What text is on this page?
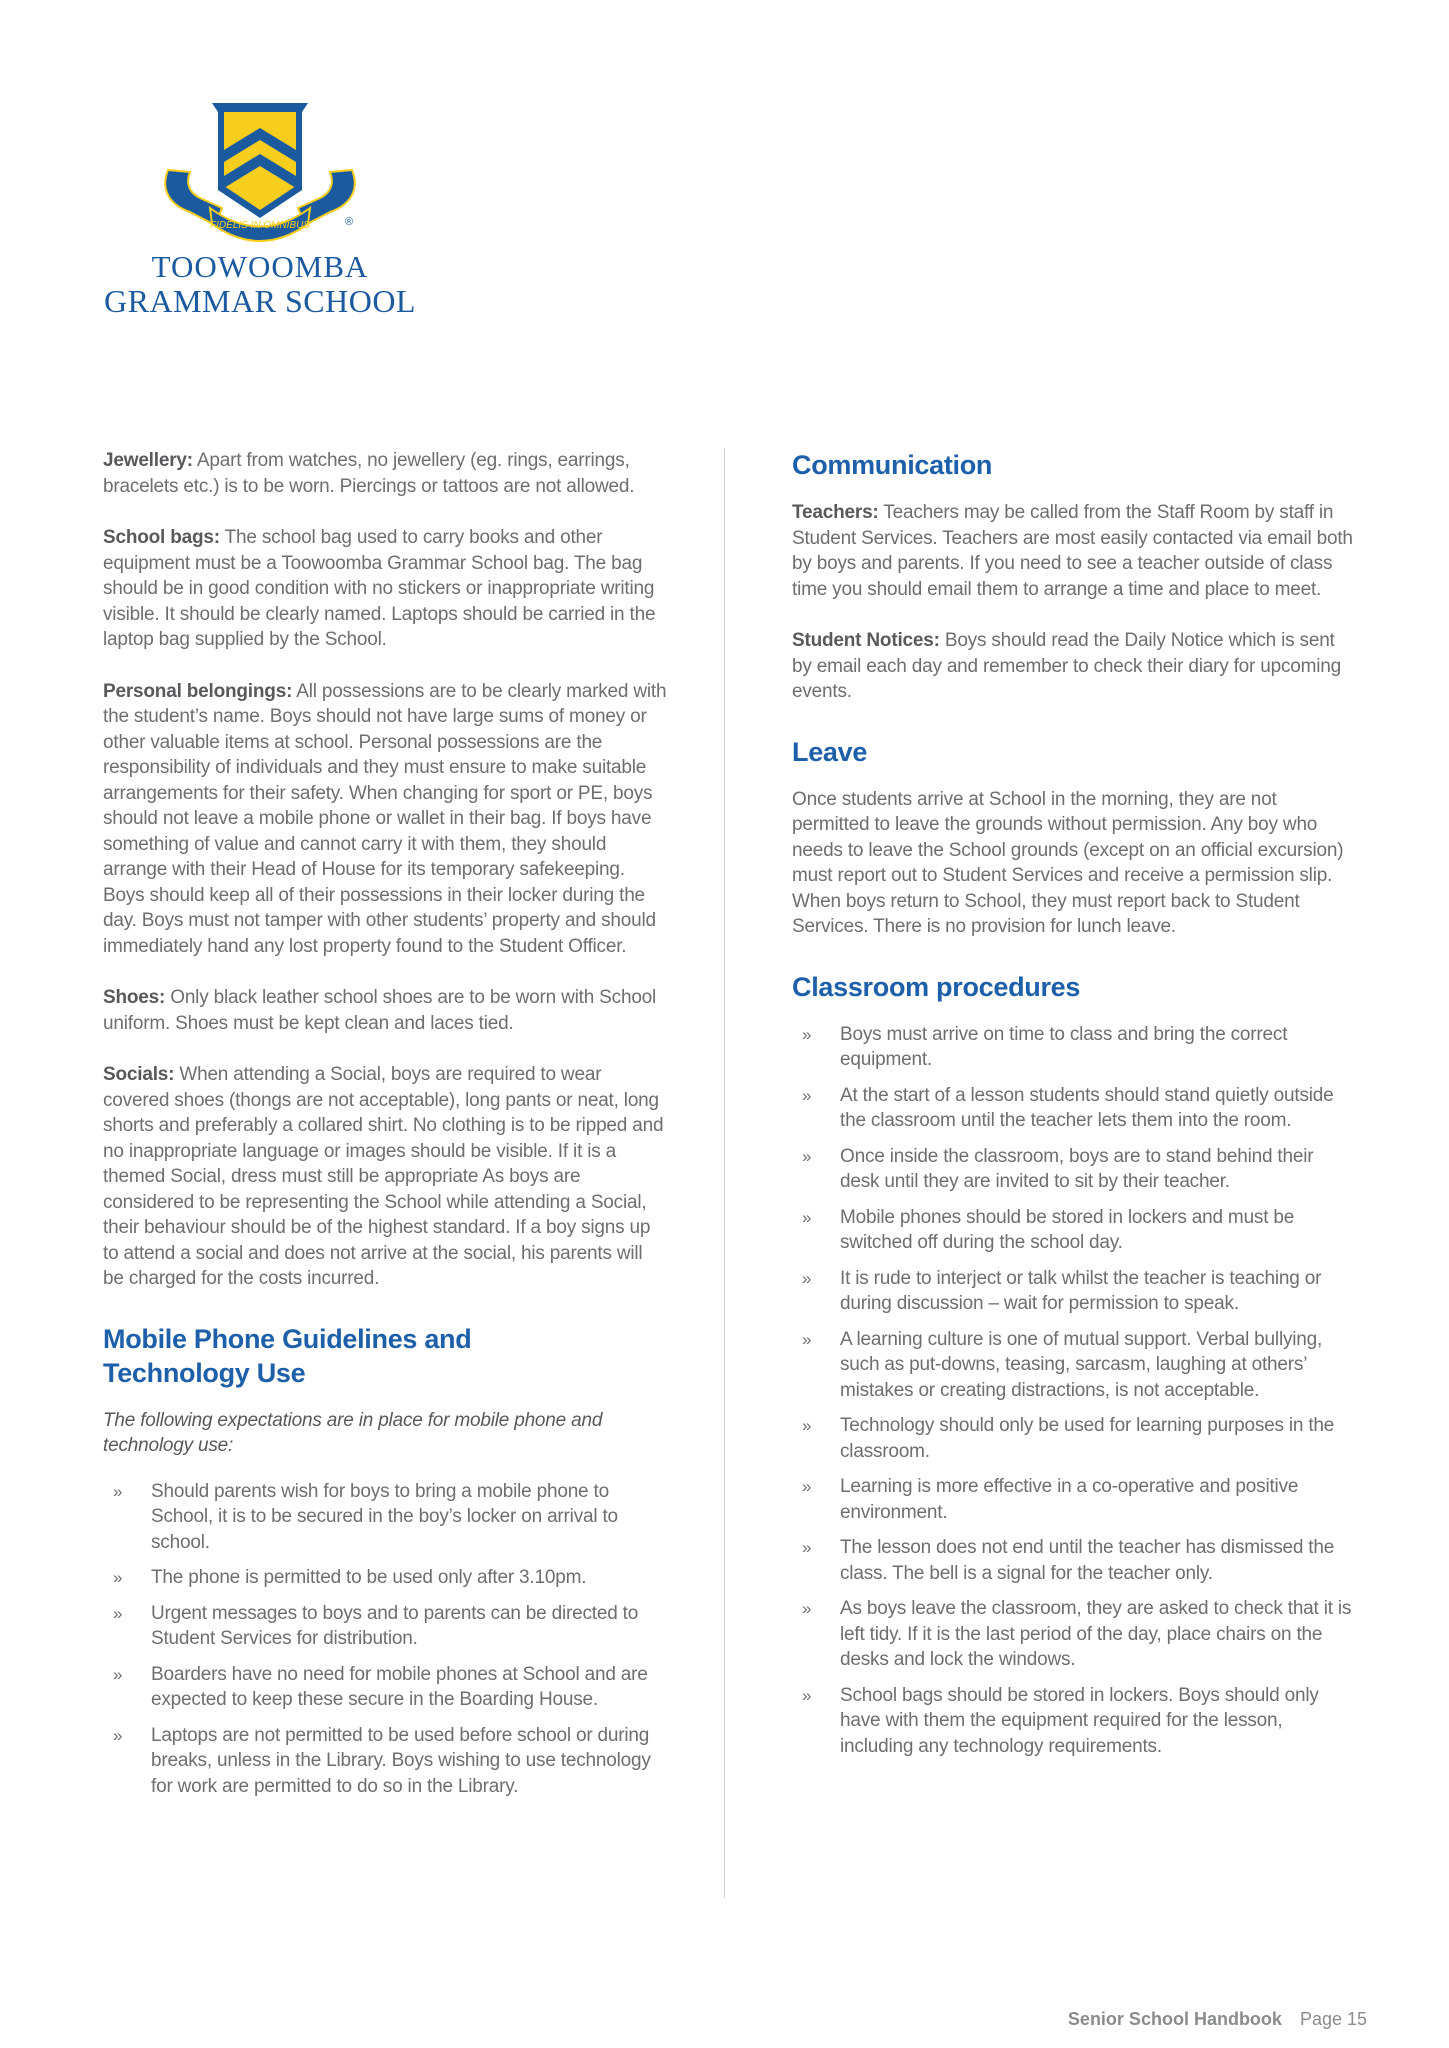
FIDELIS IN OMNIBUS	®
TOOWOOMBA
GRAMMAR SCHOOL

Jewellery: Apart from watches, no jewellery (eg. rings, earrings, bracelets etc.) is to be worn. Piercings or tattoos are not allowed.

School bags: The school bag used to carry books and other equipment must be a Toowoomba Grammar School bag. The bag should be in good condition with no stickers or inappropriate writing visible. It should be clearly named. Laptops should be carried in the laptop bag supplied by the School.

Personal belongings: All possessions are to be clearly marked with the student’s name. Boys should not have large sums of money or other valuable items at school. Personal possessions are the responsibility of individuals and they must ensure to make suitable arrangements for their safety. When changing for sport or PE, boys should not leave a mobile phone or wallet in their bag. If boys have something of value and cannot carry it with them, they should arrange with their Head of House for its temporary safekeeping. Boys should keep all of their possessions in their locker during the day. Boys must not tamper with other students’ property and should immediately hand any lost property found to the Student Officer.

Shoes: Only black leather school shoes are to be worn with School uniform. Shoes must be kept clean and laces tied.

Socials: When attending a Social, boys are required to wear covered shoes (thongs are not acceptable), long pants or neat, long shorts and preferably a collared shirt. No clothing is to be ripped and no inappropriate language or images should be visible. If it is a themed Social, dress must still be appropriate As boys are considered to be representing the School while attending a Social, their behaviour should be of the highest standard. If a boy signs up to attend a social and does not arrive at the social, his parents will be charged for the costs incurred.

Mobile Phone Guidelines and Technology Use

The following expectations are in place for mobile phone and technology use:

» Should parents wish for boys to bring a mobile phone to School, it is to be secured in the boy’s locker on arrival to school.
» The phone is permitted to be used only after 3.10pm.
» Urgent messages to boys and to parents can be directed to Student Services for distribution.
» Boarders have no need for mobile phones at School and are expected to keep these secure in the Boarding House.
» Laptops are not permitted to be used before school or during breaks, unless in the Library. Boys wishing to use technology for work are permitted to do so in the Library.
Communication

Teachers: Teachers may be called from the Staff Room by staff in Student Services. Teachers are most easily contacted via email both by boys and parents. If you need to see a teacher outside of class time you should email them to arrange a time and place to meet.

Student Notices: Boys should read the Daily Notice which is sent by email each day and remember to check their diary for upcoming events.

Leave

Once students arrive at School in the morning, they are not permitted to leave the grounds without permission. Any boy who needs to leave the School grounds (except on an official excursion) must report out to Student Services and receive a permission slip. When boys return to School, they must report back to Student Services. There is no provision for lunch leave.

Classroom procedures
» Boys must arrive on time to class and bring the correct equipment.
» At the start of a lesson students should stand quietly outside the classroom until the teacher lets them into the room.
» Once inside the classroom, boys are to stand behind their desk until they are invited to sit by their teacher.
» Mobile phones should be stored in lockers and must be switched off during the school day.
» It is rude to interject or talk whilst the teacher is teaching or during discussion – wait for permission to speak.
» A learning culture is one of mutual support. Verbal bullying, such as put-downs, teasing, sarcasm, laughing at others’ mistakes or creating distractions, is not acceptable.
» Technology should only be used for learning purposes in the classroom.
» Learning is more effective in a co-operative and positive environment.
» The lesson does not end until the teacher has dismissed the class. The bell is a signal for the teacher only.
» As boys leave the classroom, they are asked to check that it is left tidy. If it is the last period of the day, place chairs on the desks and lock the windows.
» School bags should be stored in lockers. Boys should only have with them the equipment required for the lesson, including any technology requirements.
Senior School Handbook Page 15
